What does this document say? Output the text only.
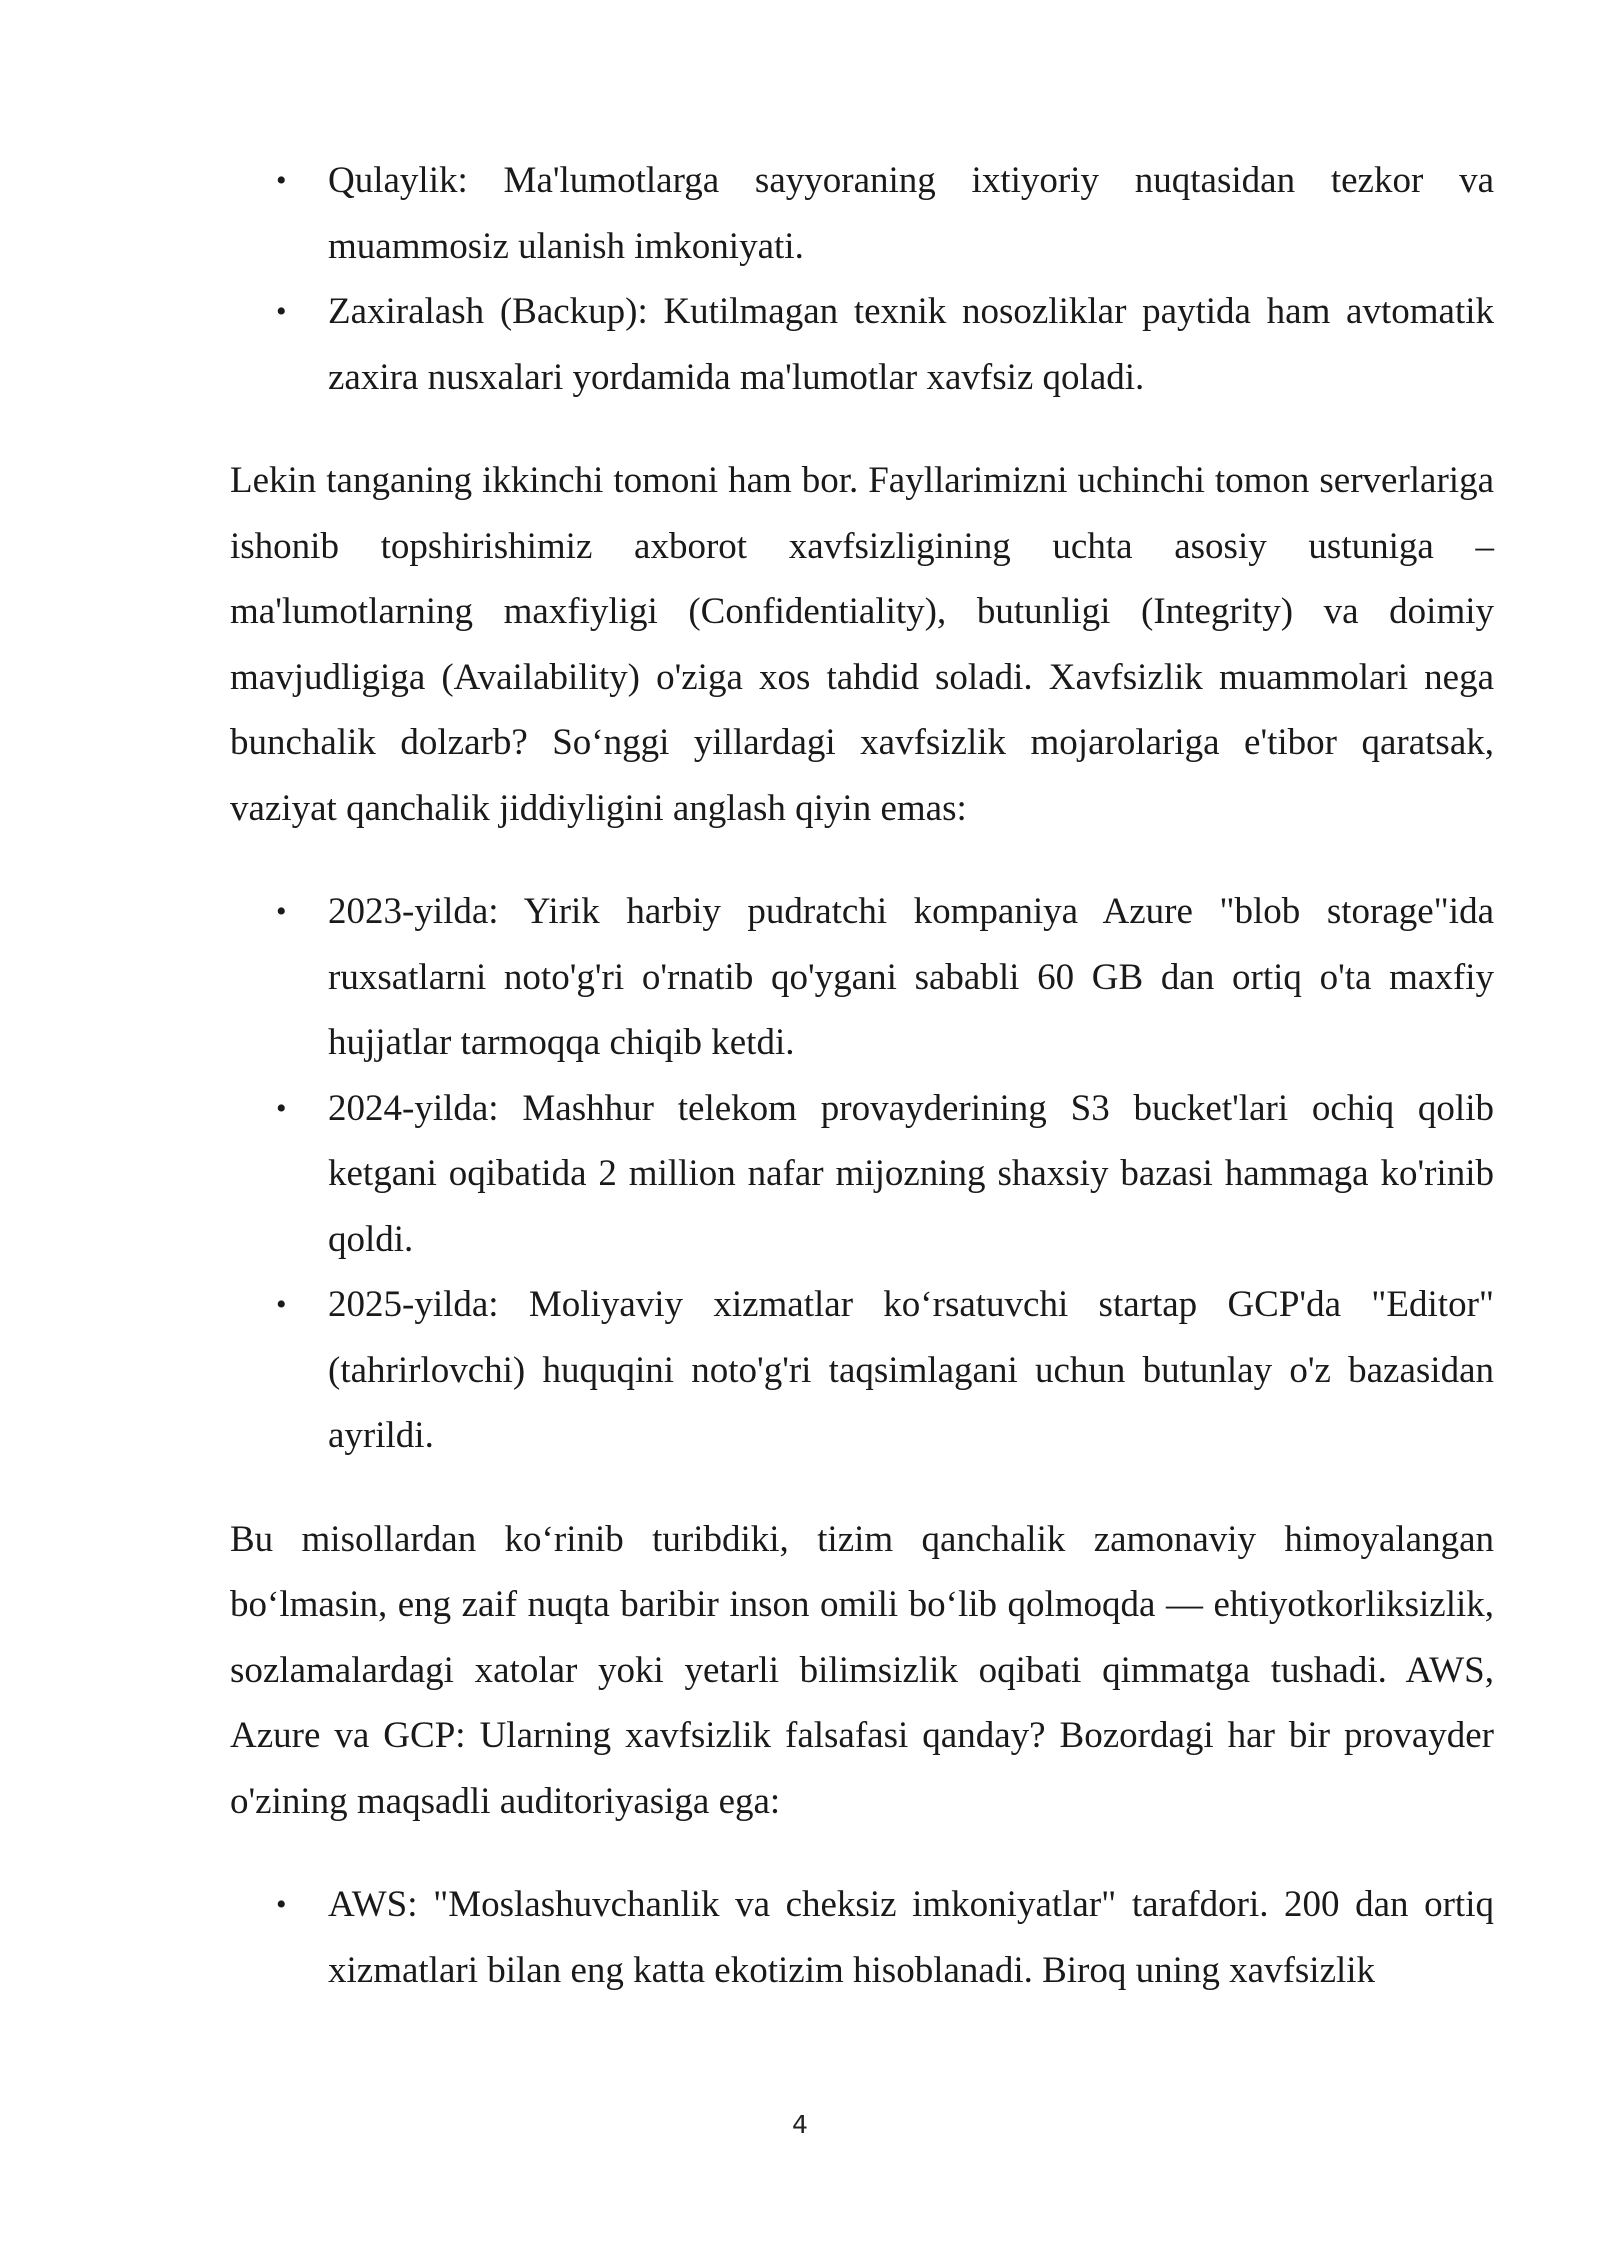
• Qulaylik: Ma'lumotlarga sayyoraning ixtiyoriy nuqtasidan tezkor va muammosiz ulanish imkoniyati.
• Zaxiralash (Backup): Kutilmagan texnik nosozliklar paytida ham avtomatik zaxira nusxalari yordamida ma'lumotlar xavfsiz qoladi.

Lekin tanganing ikkinchi tomoni ham bor. Fayllarimizni uchinchi tomon serverlariga ishonib topshirishimiz axborot xavfsizligining uchta asosiy ustuniga – ma'lumotlarning maxfiyligi (Confidentiality), butunligi (Integrity) va doimiy mavjudligiga (Availability) o'ziga xos tahdid soladi. Xavfsizlik muammolari nega bunchalik dolzarb? So‘nggi yillardagi xavfsizlik mojarolariga e'tibor qaratsak, vaziyat qanchalik jiddiyligini anglash qiyin emas:

• 2023-yilda: Yirik harbiy pudratchi kompaniya Azure "blob storage"ida ruxsatlarni noto'g'ri o'rnatib qo'ygani sababli 60 GB dan ortiq o'ta maxfiy hujjatlar tarmoqqa chiqib ketdi.
• 2024-yilda: Mashhur telekom provayderining S3 bucket'lari ochiq qolib ketgani oqibatida 2 million nafar mijozning shaxsiy bazasi hammaga ko'rinib qoldi.
• 2025-yilda: Moliyaviy xizmatlar ko‘rsatuvchi startap GCP'da "Editor" (tahrirlovchi) huquqini noto'g'ri taqsimlagani uchun butunlay o'z bazasidan ayrildi.

Bu misollardan ko‘rinib turibdiki, tizim qanchalik zamonaviy himoyalangan bo‘lmasin, eng zaif nuqta baribir inson omili bo‘lib qolmoqda — ehtiyotkorliksizlik, sozlamalardagi xatolar yoki yetarli bilimsizlik oqibati qimmatga tushadi. AWS, Azure va GCP: Ularning xavfsizlik falsafasi qanday? Bozordagi har bir provayder o'zining maqsadli auditoriyasiga ega:

• AWS: "Moslashuvchanlik va cheksiz imkoniyatlar" tarafdori. 200 dan ortiq xizmatlari bilan eng katta ekotizim hisoblanadi. Biroq uning xavfsizlik
4
